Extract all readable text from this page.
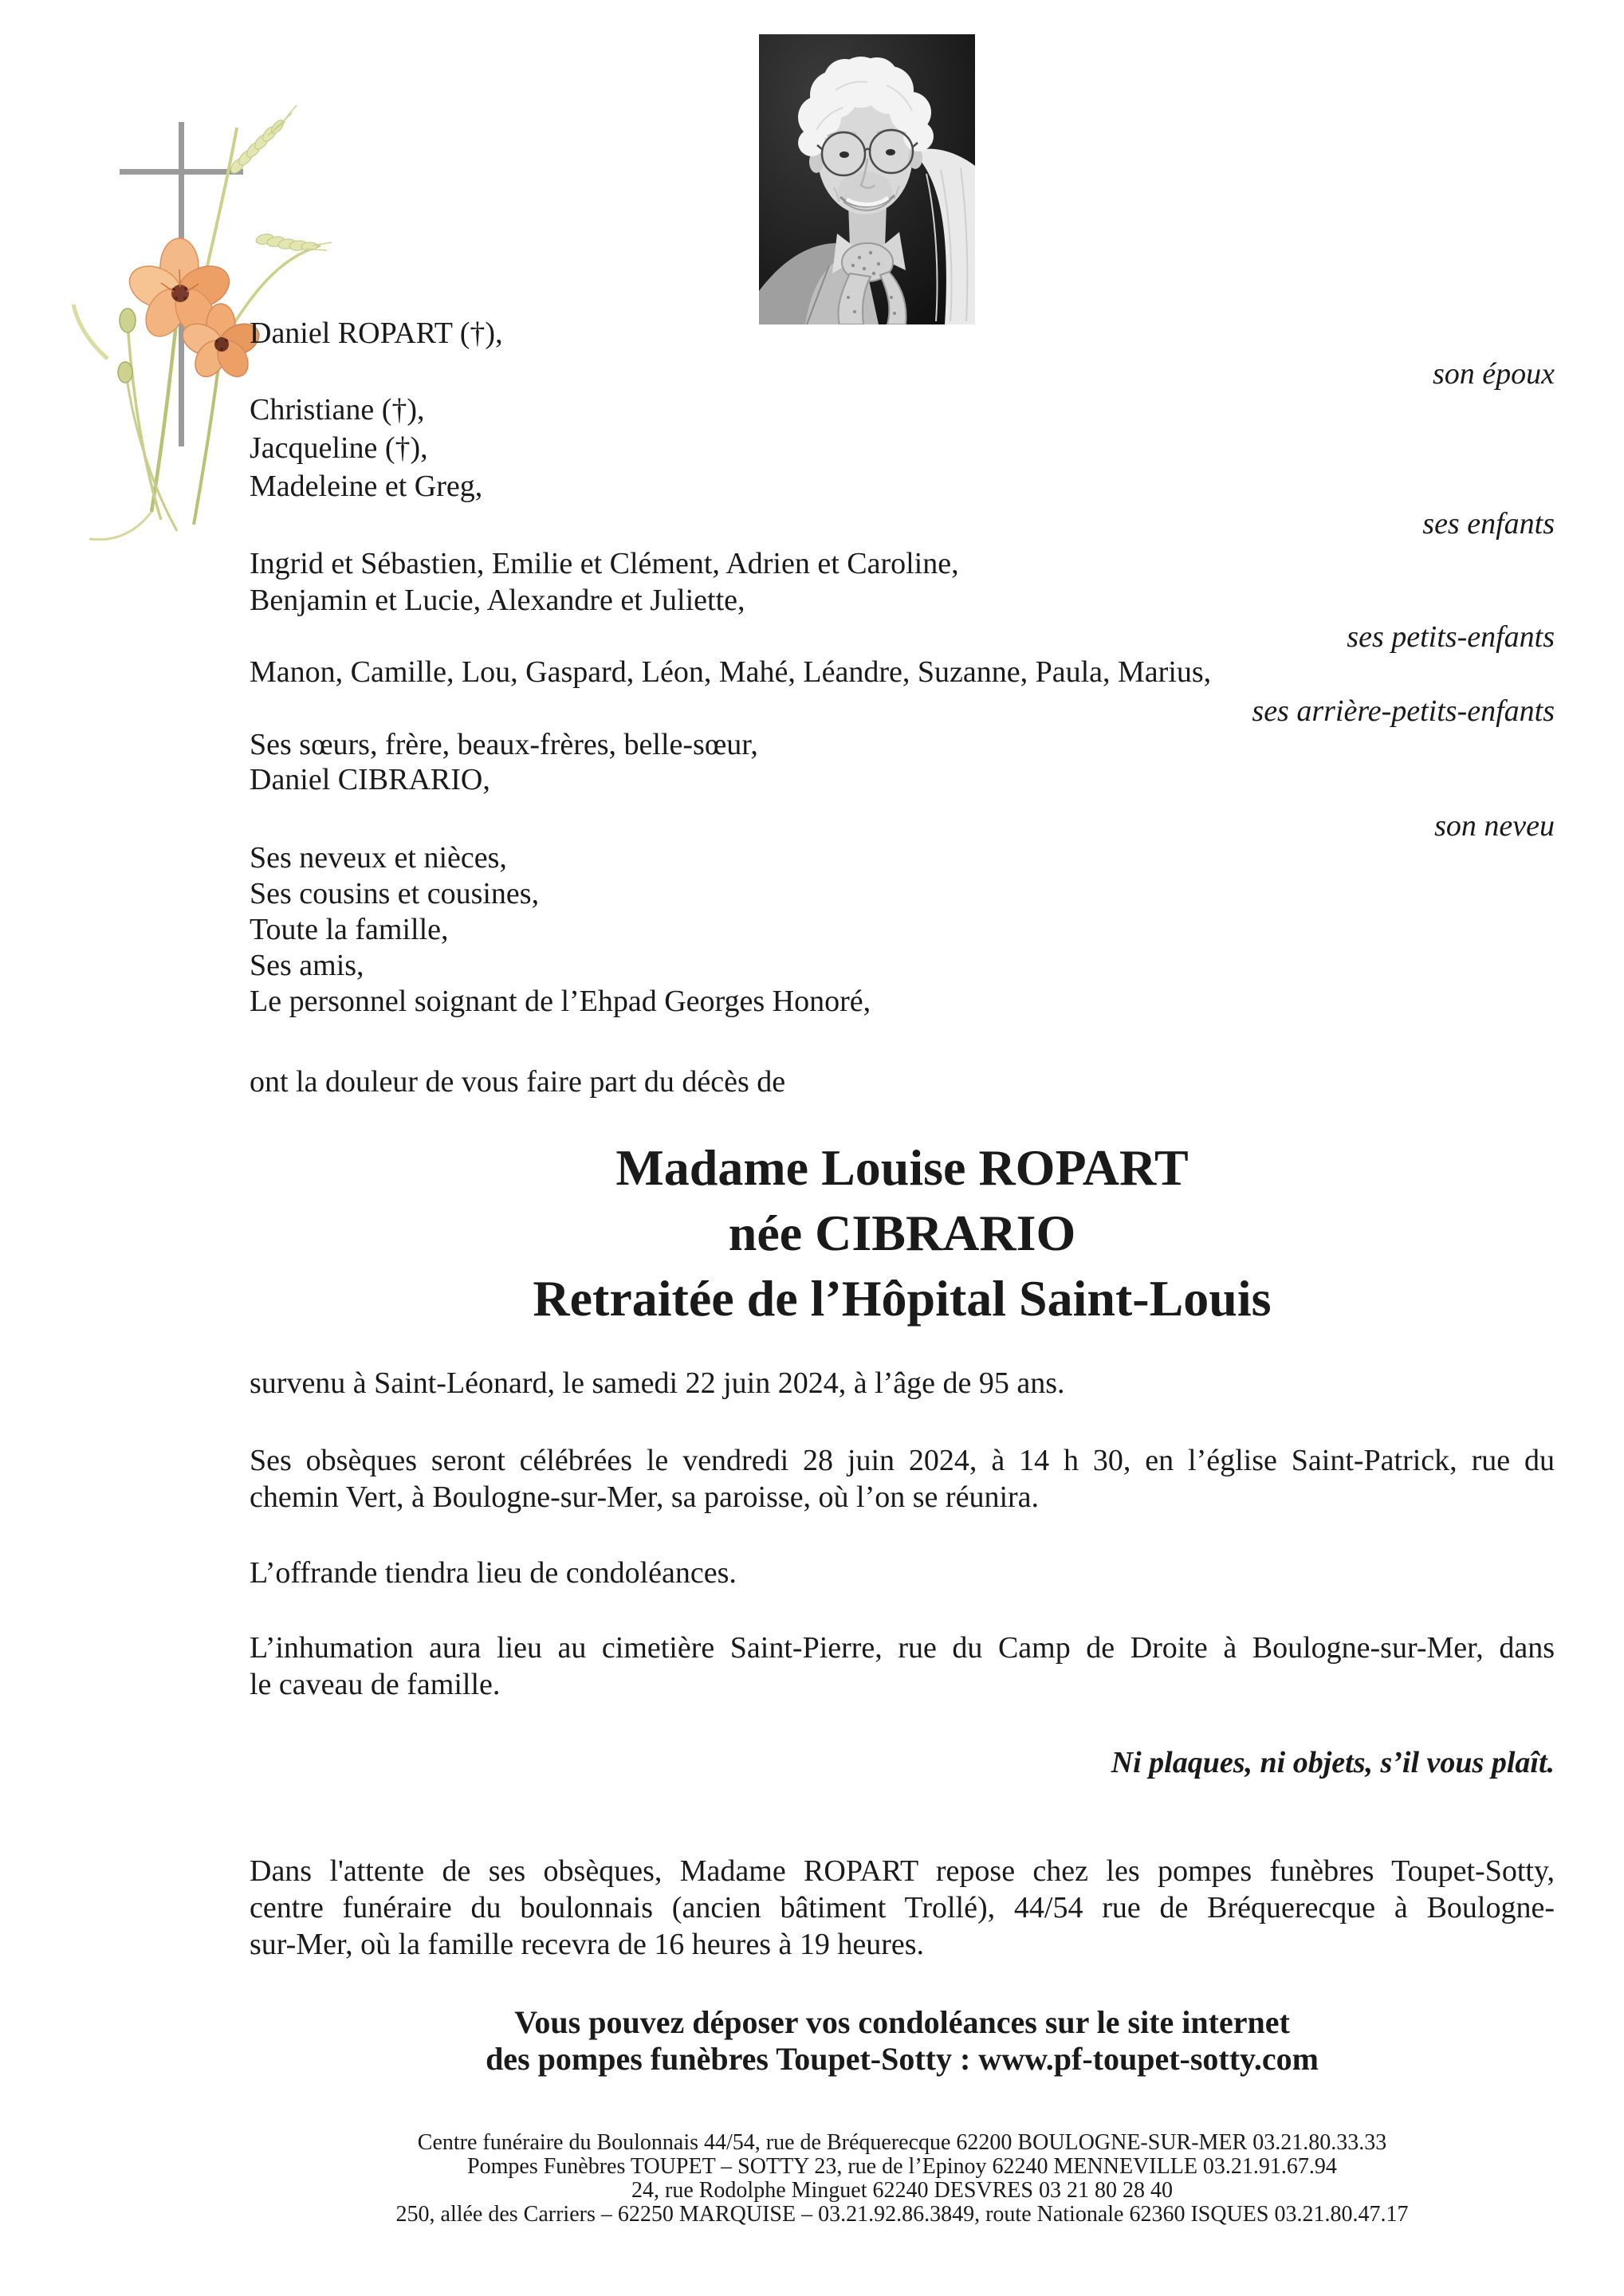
Daniel ROPART (†),
son époux
Christiane (†),
Jacqueline (†),
Madeleine et Greg,
ses enfants
Ingrid et Sébastien, Emilie et Clément, Adrien et Caroline,
Benjamin et Lucie, Alexandre et Juliette,
ses petits-enfants
Manon, Camille, Lou, Gaspard, Léon, Mahé, Léandre, Suzanne, Paula, Marius,
ses arrière-petits-enfants
Ses sœurs, frère, beaux-frères, belle-sœur,
Daniel CIBRARIO,
son neveu
Ses neveux et nièces,
Ses cousins et cousines,
Toute la famille,
Ses amis,
Le personnel soignant de l’Ehpad Georges Honoré,
ont la douleur de vous faire part du décès de
Madame Louise ROPART
née CIBRARIO
Retraitée de l’Hôpital Saint-Louis
survenu à Saint-Léonard, le samedi 22 juin 2024, à l’âge de 95 ans.
Ses obsèques seront célébrées le vendredi 28 juin 2024, à 14 h 30, en l’église Saint-Patrick, rue du
chemin Vert, à Boulogne-sur-Mer, sa paroisse, où l’on se réunira.
L’offrande tiendra lieu de condoléances.
L’inhumation aura lieu au cimetière Saint-Pierre, rue du Camp de Droite à Boulogne-sur-Mer, dans
le caveau de famille.
Ni plaques, ni objets, s’il vous plaît.
Dans l'attente de ses obsèques, Madame ROPART repose chez les pompes funèbres Toupet-Sotty,
centre funéraire du boulonnais (ancien bâtiment Trollé), 44/54 rue de Bréquerecque à Boulogne-
sur-Mer, où la famille recevra de 16 heures à 19 heures.
Vous pouvez déposer vos condoléances sur le site internet
des pompes funèbres Toupet-Sotty : www.pf-toupet-sotty.com
Centre funéraire du Boulonnais 44/54, rue de Bréquerecque 62200 BOULOGNE-SUR-MER 03.21.80.33.33
Pompes Funèbres TOUPET – SOTTY 23, rue de l’Epinoy 62240 MENNEVILLE 03.21.91.67.94
24, rue Rodolphe Minguet 62240 DESVRES 03 21 80 28 40
250, allée des Carriers – 62250 MARQUISE – 03.21.92.86.3849, route Nationale 62360 ISQUES 03.21.80.47.17
